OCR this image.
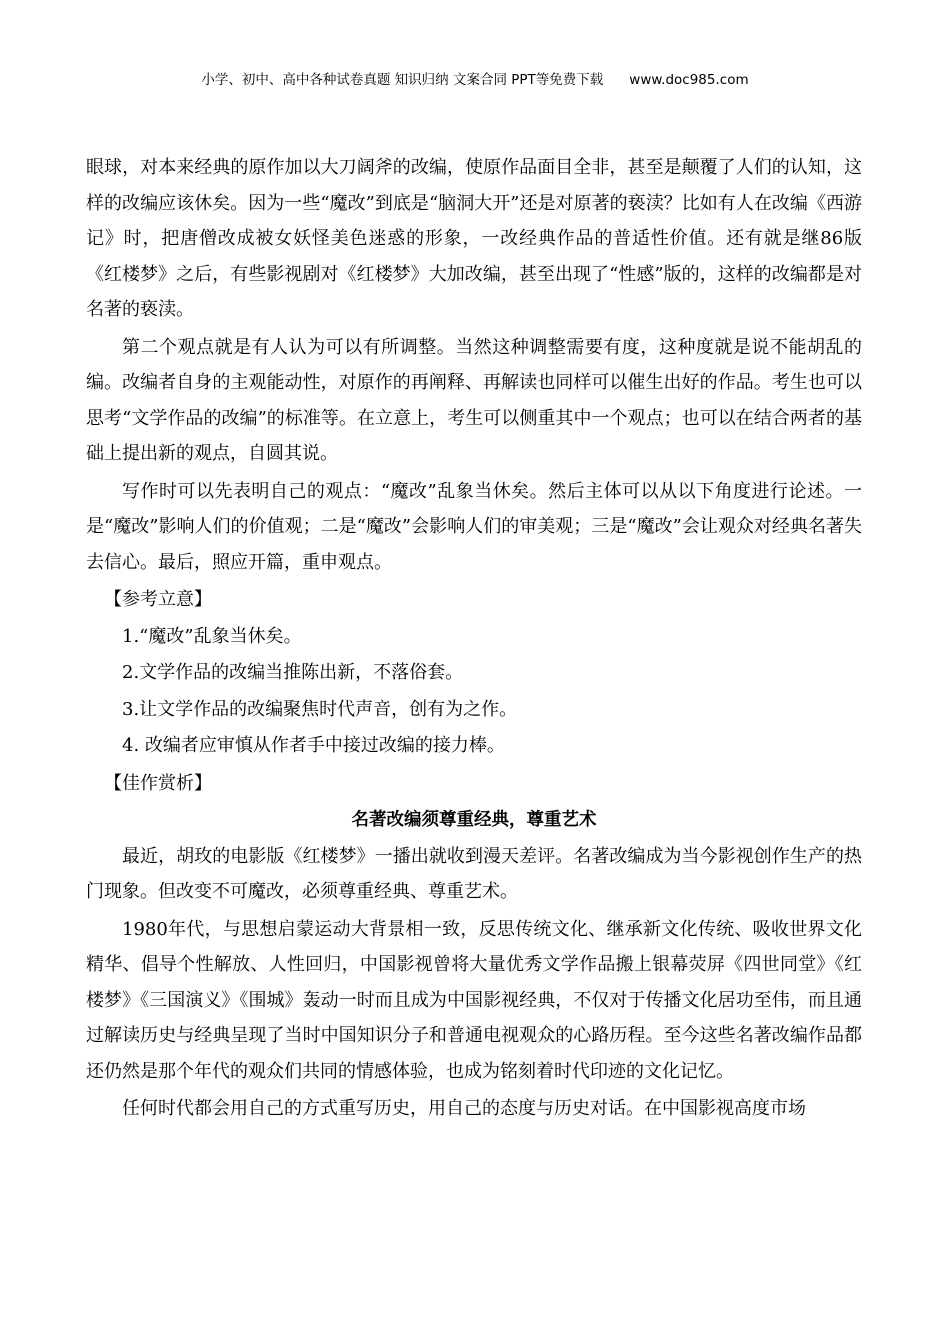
小学、初中、高中各种试卷真题 知识归纳 文案合同 PPT等免费下载 www.doc985.com

眼球，对本来经典的原作加以大刀阔斧的改编，使原作品面目全非，甚至是颠覆了人们的认知，这样的改编应该休矣。因为一些“魔改”到底是“脑洞大开”还是对原著的亵渎？比如有人在改编《西游记》时，把唐僧改成被女妖怪美色迷惑的形象，一改经典作品的普适性价值。还有就是继86版《红楼梦》之后，有些影视剧对《红楼梦》大加改编，甚至出现了“性感”版的，这样的改编都是对名著的亵渎。

第二个观点就是有人认为可以有所调整。当然这种调整需要有度，这种度就是说不能胡乱的编。改编者自身的主观能动性，对原作的再阐释、再解读也同样可以催生出好的作品。考生也可以思考“文学作品的改编”的标准等。在立意上，考生可以侧重其中一个观点；也可以在结合两者的基础上提出新的观点，自圆其说。

写作时可以先表明自己的观点：“魔改”乱象当休矣。然后主体可以从以下角度进行论述。一是“魔改”影响人们的价值观；二是“魔改”会影响人们的审美观；三是“魔改”会让观众对经典名著失去信心。最后，照应开篇，重申观点。

【参考立意】

1.“魔改”乱象当休矣。

2.文学作品的改编当推陈出新，不落俗套。

3.让文学作品的改编聚焦时代声音，创有为之作。

4. 改编者应审慎从作者手中接过改编的接力棒。

【佳作赏析】

名著改编须尊重经典，尊重艺术

最近，胡玫的电影版《红楼梦》一播出就收到漫天差评。名著改编成为当今影视创作生产的热门现象。但改变不可魔改，必须尊重经典、尊重艺术。

1980年代，与思想启蒙运动大背景相一致，反思传统文化、继承新文化传统、吸收世界文化精华、倡导个性解放、人性回归，中国影视曾将大量优秀文学作品搬上银幕荧屏《四世同堂》《红楼梦》《三国演义》《围城》轰动一时而且成为中国影视经典，不仅对于传播文化居功至伟，而且通过解读历史与经典呈现了当时中国知识分子和普通电视观众的心路历程。至今这些名著改编作品都还仍然是那个年代的观众们共同的情感体验，也成为铭刻着时代印迹的文化记忆。

任何时代都会用自己的方式重写历史，用自己的态度与历史对话。在中国影视高度市场
